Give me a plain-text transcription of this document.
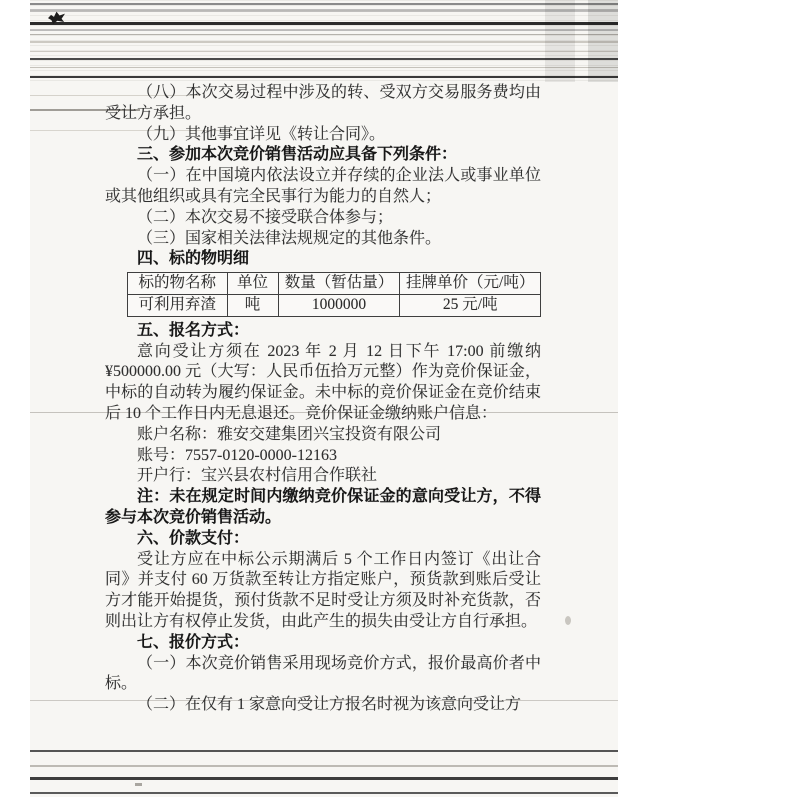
（八）本次交易过程中涉及的转、受双方交易服务费均由受让方承担。

（九）其他事宜详见《转让合同》。

三、参加本次竞价销售活动应具备下列条件：

（一）在中国境内依法设立并存续的企业法人或事业单位或其他组织或具有完全民事行为能力的自然人；

（二）本次交易不接受联合体参与；

（三）国家相关法律法规规定的其他条件。

四、标的物明细

标的物名称	单位	数量（暂估量）	挂牌单价（元/吨）
可利用弃渣	吨	1000000	25 元/吨

五、报名方式：

意向受让方须在 2023 年 2 月 12 日下午 17:00 前缴纳 ¥500000.00 元（大写：人民币伍拾万元整）作为竞价保证金，中标的自动转为履约保证金。未中标的竞价保证金在竞价结束后 10 个工作日内无息退还。竞价保证金缴纳账户信息：

账户名称：雅安交建集团兴宝投资有限公司

账号：7557-0120-0000-12163

开户行：宝兴县农村信用合作联社

注：未在规定时间内缴纳竞价保证金的意向受让方，不得参与本次竞价销售活动。

六、价款支付：

受让方应在中标公示期满后 5 个工作日内签订《出让合同》并支付 60 万货款至转让方指定账户，预货款到账后受让方才能开始提货，预付货款不足时受让方须及时补充货款，否则出让方有权停止发货，由此产生的损失由受让方自行承担。

七、报价方式：

（一）本次竞价销售采用现场竞价方式，报价最高价者中标。

（二）在仅有 1 家意向受让方报名时视为该意向受让方
